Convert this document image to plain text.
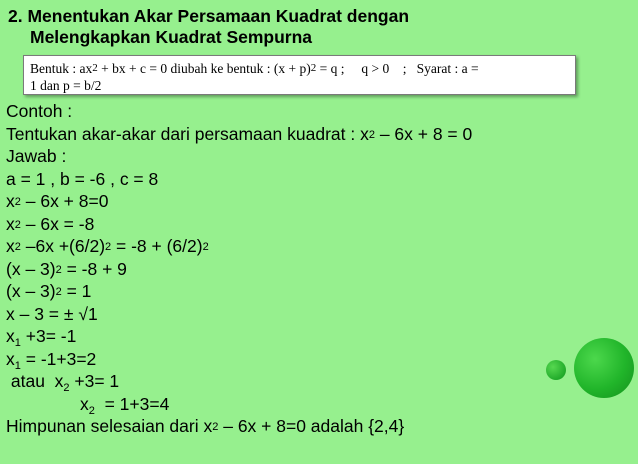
2. Menentukan Akar Persamaan Kuadrat dengan
Melengkapkan Kuadrat Sempurna
Bentuk : $ax^2$ + bx + c = 0 diubah ke bentuk : $(x + p)^2 = q$ ;     q > 0    ;   Syarat : a =
1 dan p = b/2
Contoh :
Tentukan akar-akar dari persamaan kuadrat : $x^2 - 6x + 8 = 0$
Jawab :
a = 1 , b = -6 , c = 8
$x^2 - 6x + 8=0$
$x^2 - 6x = -8$
$x^2$ $-6x +(6/2)^2 = -8 + (6/2)^2$
(x – 3)$^2$ = -8 + 9
(x – 3)$^2$ = 1
x – 3 = ± √1
$x_1 +3= -1$
$x_1 = -1+3=2$
atau  $x_2 +3= 1$
$x_2 = 1+3=4$
Himpunan selesaian dari $x^2 - 6x + 8=0$ adalah {2,4}
